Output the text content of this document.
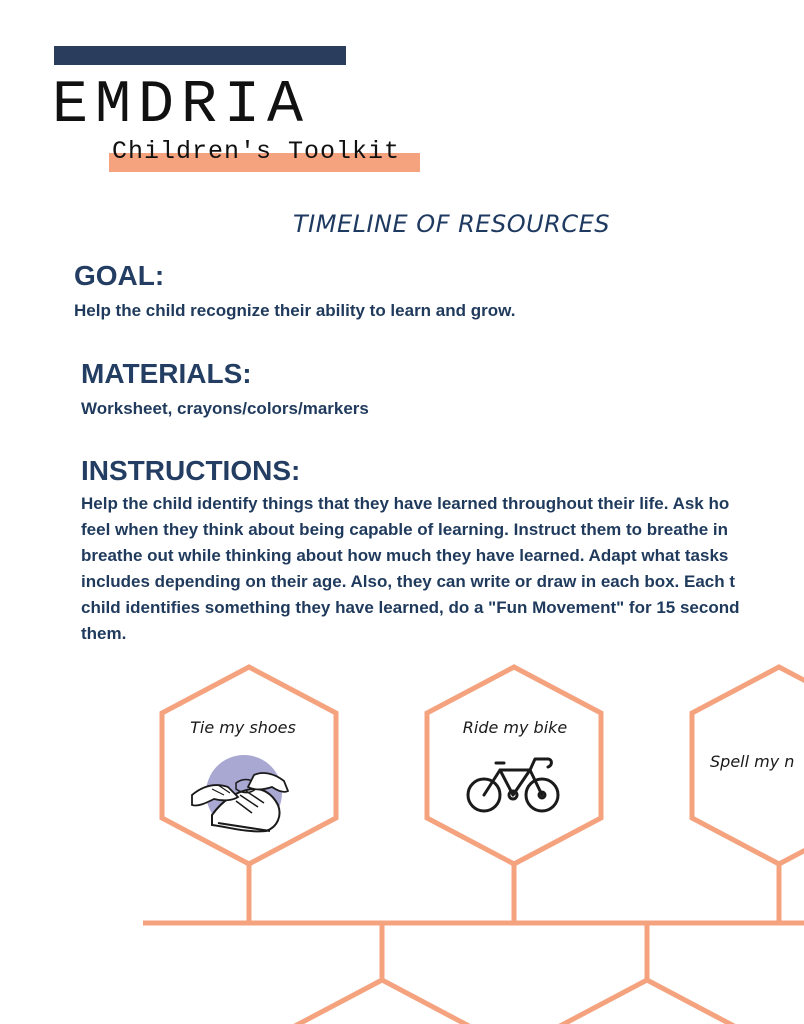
EMDRIA
Children's Toolkit
TIMELINE OF RESOURCES
GOAL:

Help the child recognize their ability to learn and grow.

MATERIALS:

Worksheet, crayons/colors/markers

INSTRUCTIONS:

Help the child identify things that they have learned throughout their life. Ask ho
feel when they think about being capable of learning. Instruct them to breathe in
breathe out while thinking about how much they have learned. Adapt what tasks
includes depending on their age. Also, they can write or draw in each box. Each t
child identifies something they have learned, do a "Fun Movement" for 15 second
them.

Tie my shoes	Ride my bike
Spell my n
